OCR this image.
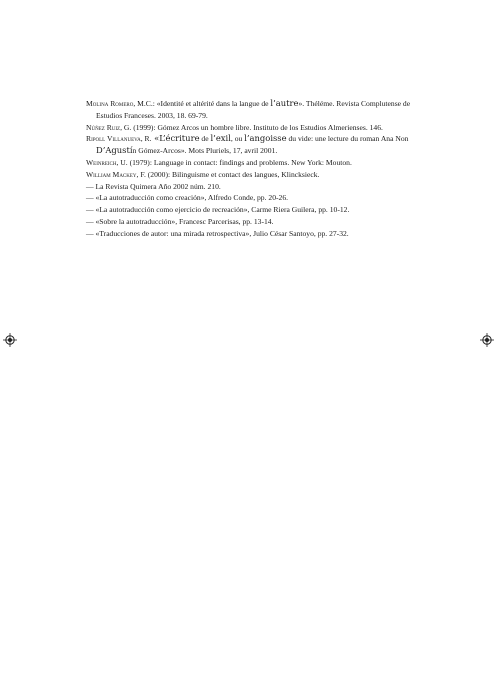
Molina Romero, M.C.: «Identité et altérité dans la langue de l’autre». Théléme. Revista Complutense de Estudios Franceses. 2003, 18. 69-79.

Núñez Ruiz, G. (1999): Gómez Arcos un hombre libre. Instituto de los Estudios Almerienses. 146.

Ripoll Villanueva, R. «L’écriture de l’exil, ou l’angoisse du vide: une lecture du roman Ana Non D’Agustín Gómez-Arcos». Mots Pluriels, 17, avril 2001.

Weinreich, U. (1979): Language in contact: findings and problems. New York: Mouton.

William Mackey, F. (2000): Bilinguisme et contact des langues, Klincksieck.

— La Revista Quimera Año 2002 núm. 210.

— «La autotraducción como creación», Alfredo Conde, pp. 20-26.

— «La autotraducción como ejercicio de recreación», Carme Riera Guilera, pp. 10-12.

— «Sobre la autotraducción», Francesc Parcerisas, pp. 13-14.

— «Traducciones de autor: una mirada retrospectiva», Julio César Santoyo, pp. 27-32.
